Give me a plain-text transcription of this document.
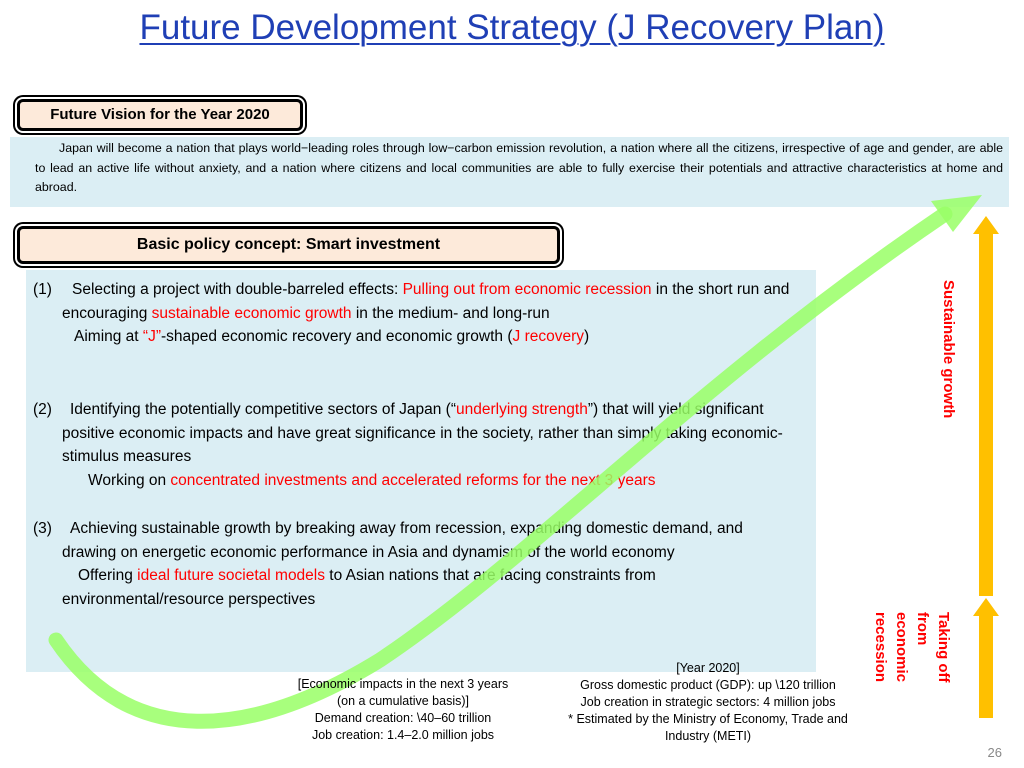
Future Development Strategy (J Recovery Plan)
Future Vision for the Year 2020
Japan will become a nation that plays world−leading roles through low−carbon emission revolution, a nation where all the citizens, irrespective of age and gender, are able to lead an active life without anxiety, and a nation where citizens and local communities are able to fully exercise their potentials and attractive characteristics at home and abroad.
Basic policy concept: Smart investment
(1) Selecting a project with double-barreled effects: Pulling out from economic recession in the short run and encouraging sustainable economic growth in the medium- and long-run
Aiming at “J”-shaped economic recovery and economic growth (J recovery)
(2) Identifying the potentially competitive sectors of Japan (“underlying strength”) that will yield significant positive economic impacts and have great significance in the society, rather than simply taking economic-stimulus measures
Working on concentrated investments and accelerated reforms for the next 3 years
(3) Achieving sustainable growth by breaking away from recession, expanding domestic demand, and drawing on energetic economic performance in Asia and dynamism of the world economy
Offering ideal future societal models to Asian nations that are facing constraints from environmental/resource perspectives
Sustainable growth
Taking off from economic recession
[Economic impacts in the next 3 years
(on a cumulative basis)]
Demand creation: \40–60 trillion
Job creation: 1.4–2.0 million jobs
[Year 2020]
Gross domestic product (GDP): up \120 trillion
Job creation in strategic sectors: 4 million jobs
* Estimated by the Ministry of Economy, Trade and
Industry (METI)
26
